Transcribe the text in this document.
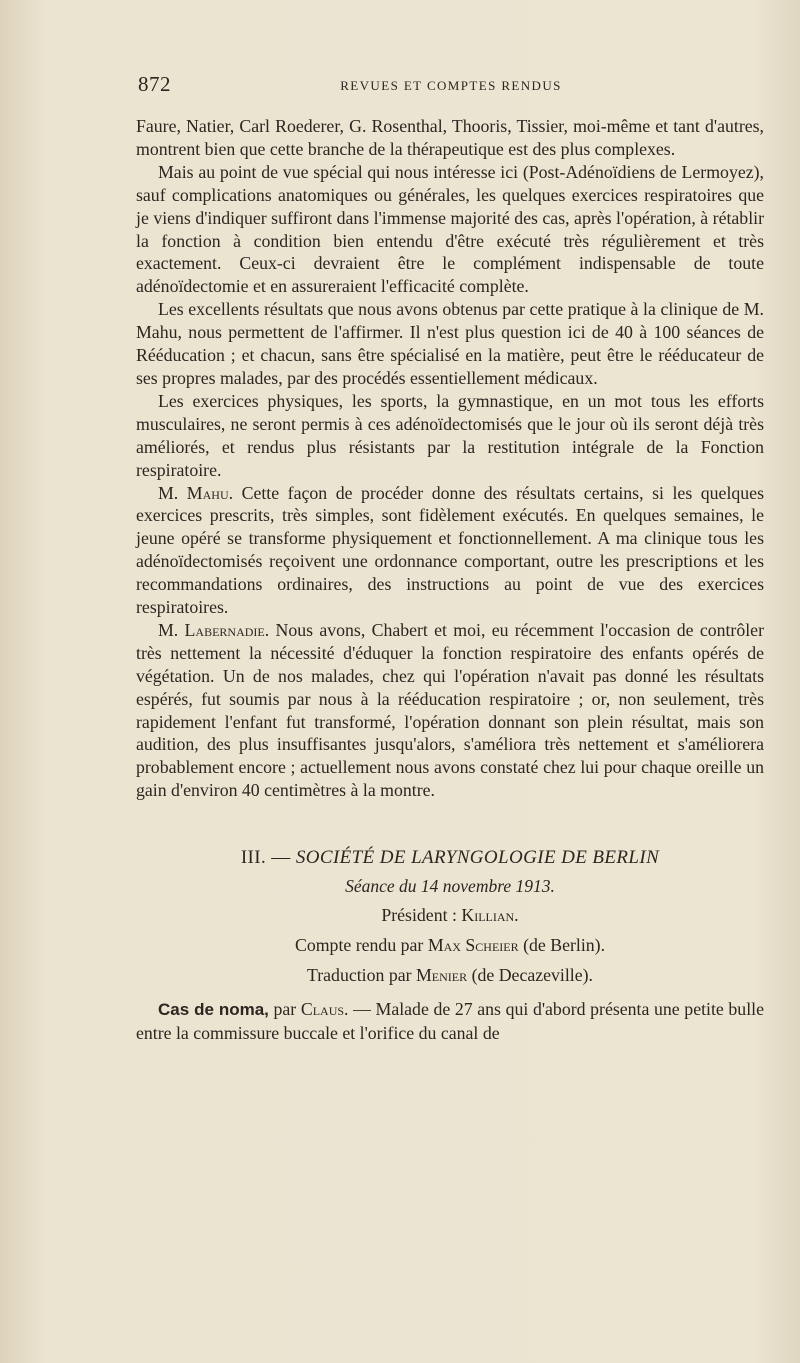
872	REVUES ET COMPTES RENDUS

Faure, Natier, Carl Roederer, G. Rosenthal, Thooris, Tissier, moi-même et tant d'autres, montrent bien que cette branche de la thérapeutique est des plus complexes.

Mais au point de vue spécial qui nous intéresse ici (Post-Adénoïdiens de Lermoyez), sauf complications anatomiques ou générales, les quelques exercices respiratoires que je viens d'indiquer suffiront dans l'immense majorité des cas, après l'opération, à rétablir la fonction à condition bien entendu d'être exécuté très régulièrement et très exactement. Ceux-ci devraient être le complément indispensable de toute adénoïdectomie et en assureraient l'efficacité complète.

Les excellents résultats que nous avons obtenus par cette pratique à la clinique de M. Mahu, nous permettent de l'affirmer. Il n'est plus question ici de 40 à 100 séances de Rééducation ; et chacun, sans être spécialisé en la matière, peut être le rééducateur de ses propres malades, par des procédés essentiellement médicaux.

Les exercices physiques, les sports, la gymnastique, en un mot tous les efforts musculaires, ne seront permis à ces adénoïdectomisés que le jour où ils seront déjà très améliorés, et rendus plus résistants par la restitution intégrale de la Fonction respiratoire.

M. Mahu. Cette façon de procéder donne des résultats certains, si les quelques exercices prescrits, très simples, sont fidèlement exécutés. En quelques semaines, le jeune opéré se transforme physiquement et fonctionnellement. A ma clinique tous les adénoïdectomisés reçoivent une ordonnance comportant, outre les prescriptions et les recommandations ordinaires, des instructions au point de vue des exercices respiratoires.

M. Labernadie. Nous avons, Chabert et moi, eu récemment l'occasion de contrôler très nettement la nécessité d'éduquer la fonction respiratoire des enfants opérés de végétation. Un de nos malades, chez qui l'opération n'avait pas donné les résultats espérés, fut soumis par nous à la rééducation respiratoire ; or, non seulement, très rapidement l'enfant fut transformé, l'opération donnant son plein résultat, mais son audition, des plus insuffisantes jusqu'alors, s'améliora très nettement et s'améliorera probablement encore ; actuellement nous avons constaté chez lui pour chaque oreille un gain d'environ 40 centimètres à la montre.

III. — SOCIÉTÉ DE LARYNGOLOGIE DE BERLIN
Séance du 14 novembre 1913.
Président : Killian.
Compte rendu par Max Scheier (de Berlin).
Traduction par Menier (de Decazeville).

Cas de noma, par Claus. — Malade de 27 ans qui d'abord présenta une petite bulle entre la commissure buccale et l'orifice du canal de
